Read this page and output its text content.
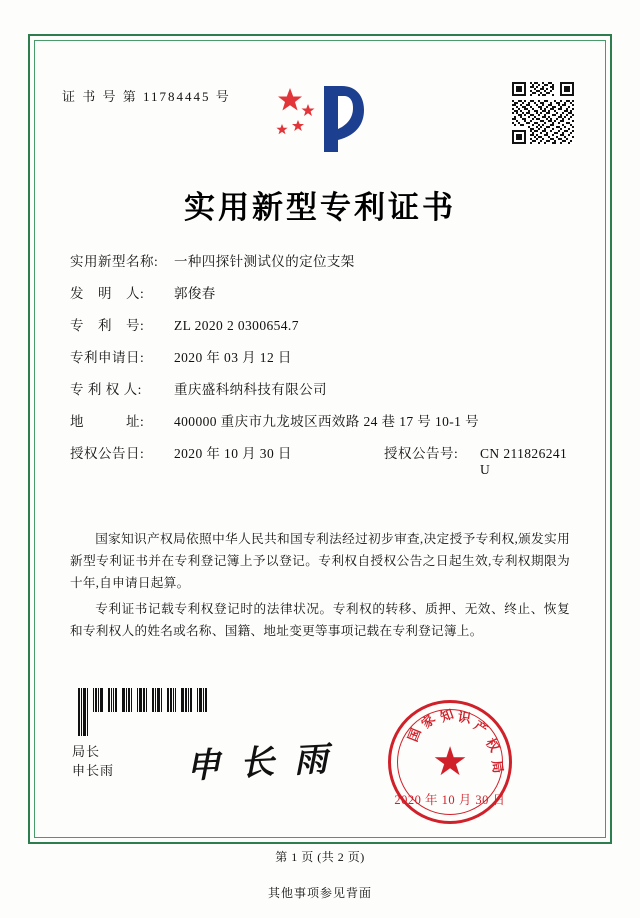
证 书 号 第 11784445 号
实用新型专利证书
实用新型名称:	一种四探针测试仪的定位支架
发　明　人:	郭俊春
专　利　号:	ZL 2020 2 0300654.7
专利申请日:	2020 年 03 月 12 日
专 利 权 人:	重庆盛科纳科技有限公司
地　　　址:	400000 重庆市九龙坡区西效路 24 巷 17 号 10-1 号
授权公告日:	2020 年 10 月 30 日	授权公告号:	CN 211826241 U

国家知识产权局依照中华人民共和国专利法经过初步审查,决定授予专利权,颁发实用新型专利证书并在专利登记簿上予以登记。专利权自授权公告之日起生效,专利权期限为十年,自申请日起算。

专利证书记载专利权登记时的法律状况。专利权的转移、质押、无效、终止、恢复和专利权人的姓名或名称、国籍、地址变更等事项记载在专利登记簿上。

局长
申长雨 申 长 雨 ★
国
家 知 识 产
权
局
2020 年 10 月 30 日
第 1 页 (共 2 页)
其他事项参见背面
